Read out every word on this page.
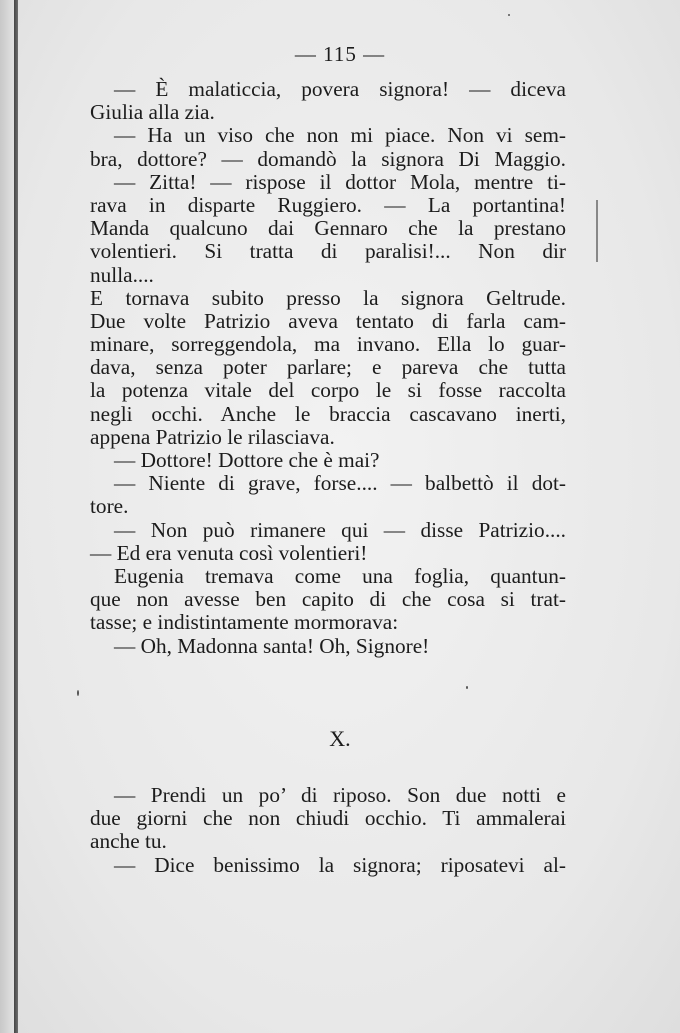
— 115 —
— È malaticcia, povera signora! — diceva
Giulia alla zia.
— Ha un viso che non mi piace. Non vi sem-
bra, dottore? — domandò la signora Di Maggio.
— Zitta! — rispose il dottor Mola, mentre ti-
rava in disparte Ruggiero. — La portantina!
Manda qualcuno dai Gennaro che la prestano
volentieri. Si tratta di paralisi!... Non dir
nulla....
E tornava subito presso la signora Geltrude.
Due volte Patrizio aveva tentato di farla cam-
minare, sorreggendola, ma invano. Ella lo guar-
dava, senza poter parlare; e pareva che tutta
la potenza vitale del corpo le si fosse raccolta
negli occhi. Anche le braccia cascavano inerti,
appena Patrizio le rilasciava.
— Dottore! Dottore che è mai?
— Niente di grave, forse.... — balbettò il dot-
tore.
— Non può rimanere qui — disse Patrizio....
— Ed era venuta così volentieri!
Eugenia tremava come una foglia, quantun-
que non avesse ben capito di che cosa si trat-
tasse; e indistintamente mormorava:
— Oh, Madonna santa! Oh, Signore!
X.
— Prendi un po’ di riposo. Son due notti e
due giorni che non chiudi occhio. Ti ammalerai
anche tu.
— Dice benissimo la signora; riposatevi al-
